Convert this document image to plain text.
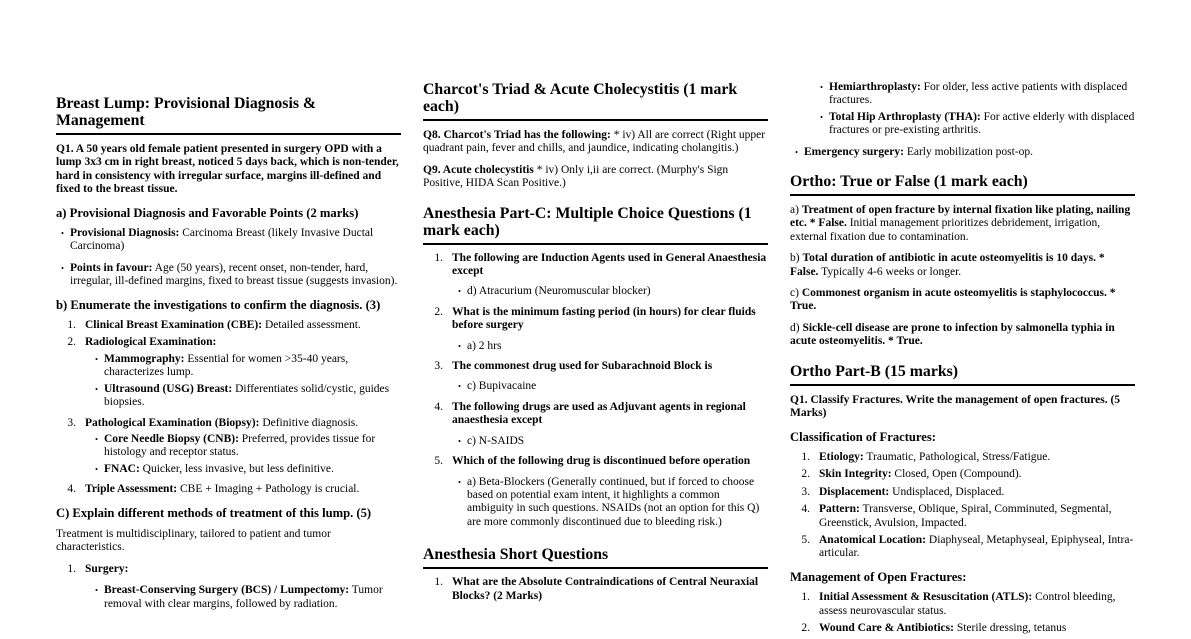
Breast Lump: Provisional Diagnosis & Management
Q1. A 50 years old female patient presented in surgery OPD with a lump 3x3 cm in right breast, noticed 5 days back, which is non-tender, hard in consistency with irregular surface, margins ill-defined and fixed to the breast tissue.
a) Provisional Diagnosis and Favorable Points (2 marks)
• Provisional Diagnosis: Carcinoma Breast (likely Invasive Ductal Carcinoma)
• Points in favour: Age (50 years), recent onset, non-tender, hard, irregular, ill-defined margins, fixed to breast tissue (suggests invasion).
b) Enumerate the investigations to confirm the diagnosis. (3)
1. Clinical Breast Examination (CBE): Detailed assessment.
2. Radiological Examination:
• Mammography: Essential for women >35-40 years, characterizes lump.
• Ultrasound (USG) Breast: Differentiates solid/cystic, guides biopsies.
3. Pathological Examination (Biopsy): Definitive diagnosis.
• Core Needle Biopsy (CNB): Preferred, provides tissue for histology and receptor status.
• FNAC: Quicker, less invasive, but less definitive.
4. Triple Assessment: CBE + Imaging + Pathology is crucial.
C) Explain different methods of treatment of this lump. (5)
Treatment is multidisciplinary, tailored to patient and tumor characteristics.
1. Surgery:
• Breast-Conserving Surgery (BCS) / Lumpectomy: Tumor removal with clear margins, followed by radiation.
Charcot's Triad & Acute Cholecystitis (1 mark each)
Q8. Charcot's Triad has the following: * iv) All are correct (Right upper quadrant pain, fever and chills, and jaundice, indicating cholangitis.)
Q9. Acute cholecystitis * iv) Only i,ii are correct. (Murphy's Sign Positive, HIDA Scan Positive.)
Anesthesia Part-C: Multiple Choice Questions (1 mark each)
1. The following are Induction Agents used in General Anaesthesia except
• d) Atracurium (Neuromuscular blocker)
2. What is the minimum fasting period (in hours) for clear fluids before surgery
• a) 2 hrs
3. The commonest drug used for Subarachnoid Block is
• c) Bupivacaine
4. The following drugs are used as Adjuvant agents in regional anaesthesia except
• c) N-SAIDS
5. Which of the following drug is discontinued before operation
• a) Beta-Blockers (Generally continued, but if forced to choose based on potential exam intent, it highlights a common ambiguity in such questions. NSAIDs (not an option for this Q) are more commonly discontinued due to bleeding risk.)
Anesthesia Short Questions
1. What are the Absolute Contraindications of Central Neuraxial Blocks? (2 Marks)
• Hemiarthroplasty: For older, less active patients with displaced fractures.
• Total Hip Arthroplasty (THA): For active elderly with displaced fractures or pre-existing arthritis.
• Emergency surgery: Early mobilization post-op.
Ortho: True or False (1 mark each)
a) Treatment of open fracture by internal fixation like plating, nailing etc. * False. Initial management prioritizes debridement, irrigation, external fixation due to contamination.
b) Total duration of antibiotic in acute osteomyelitis is 10 days. * False. Typically 4-6 weeks or longer.
c) Commonest organism in acute osteomyelitis is staphylococcus. * True.
d) Sickle-cell disease are prone to infection by salmonella typhia in acute osteomyelitis. * True.
Ortho Part-B (15 marks)
Q1. Classify Fractures. Write the management of open fractures. (5 Marks)
Classification of Fractures:
1. Etiology: Traumatic, Pathological, Stress/Fatigue.
2. Skin Integrity: Closed, Open (Compound).
3. Displacement: Undisplaced, Displaced.
4. Pattern: Transverse, Oblique, Spiral, Comminuted, Segmental, Greenstick, Avulsion, Impacted.
5. Anatomical Location: Diaphyseal, Metaphyseal, Epiphyseal, Intra-articular.
Management of Open Fractures:
1. Initial Assessment & Resuscitation (ATLS): Control bleeding, assess neurovascular status.
2. Wound Care & Antibiotics: Sterile dressing, tetanus
